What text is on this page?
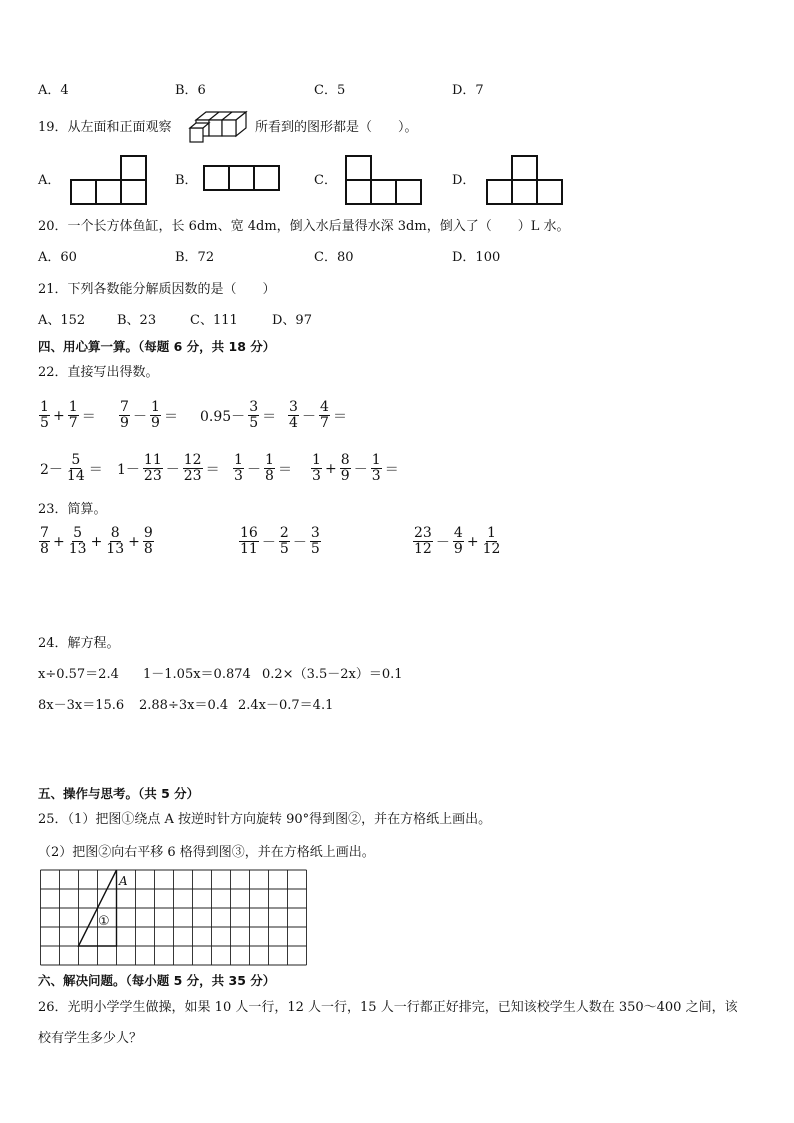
A．4	B．6	C．5	D．7
19．从左面和正面观察	所看到的图形都是（　　）。
A．	B．	C．	D．
20．一个长方体鱼缸，长 6dm、宽 4dm，倒入水后量得水深 3dm，倒入了（　　）L 水。
A．60	B．72	C．80	D．100
21．下列各数能分解质因数的是（　　）
A、152 B、23	C、111	D、97
四、用心算一算。（每题 6 分，共 18 分）
22．直接写出得数。
$\frac{1}{5} + \frac{1}{7} = \frac{7}{9} - \frac{1}{9} = 0.95- \frac{3}{5} = \frac{3}{4} - \frac{4}{7}$ ＝
$2- \frac{5}{14} = 1- \frac{11}{23} - \frac{12}{23} = \frac{1}{3} - \frac{1}{8} = \frac{1}{3} + \frac{8}{9} - \frac{1}{3}$ ＝
23．简算。
$\frac{7}{8} + \frac{5}{13} + \frac{8}{13} + \frac{9}{8}$	$\frac{16}{11} - \frac{2}{5} - \frac{3}{5}$	$\frac{23}{12} - \frac{4}{9} + \frac{1}{12}$
24．解方程。
x÷0.57＝2.4 1－1.05x＝0.874 0.2×（3.5－2x）＝0.1
8x－3x＝15.6 2.88÷3x＝0.4 2.4x－0.7＝4.1
五、操作与思考。（共 5 分）
25．（1）把图①绕点 A 按逆时针方向旋转 90°得到图②，并在方格纸上画出。
（2）把图②向右平移 6 格得到图③，并在方格纸上画出。
A
①
六、解决问题。（每小题 5 分，共 35 分）
26．光明小学学生做操，如果 10 人一行，12 人一行，15 人一行都正好排完，已知该校学生人数在 350～400 之间，该
校有学生多少人？
